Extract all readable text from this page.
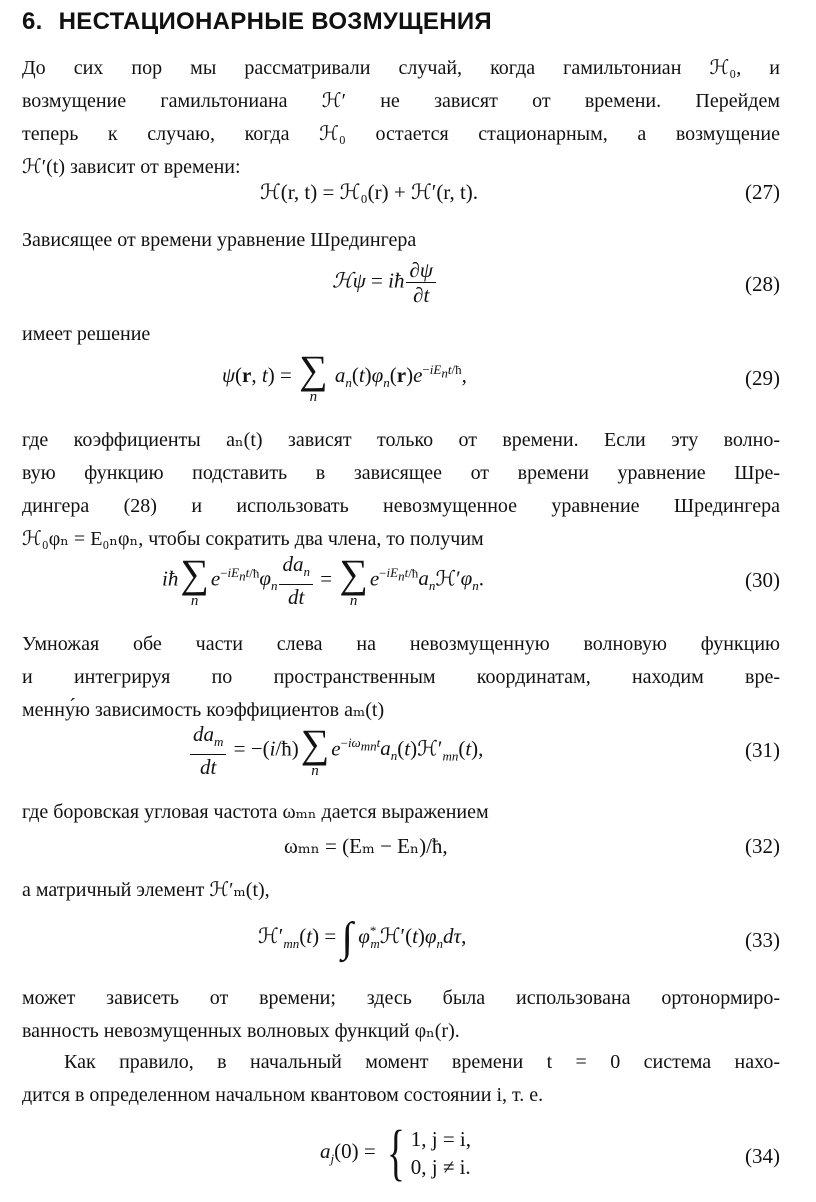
6. НЕСТАЦИОНАРНЫЕ ВОЗМУЩЕНИЯ
До сих пор мы рассматривали случай, когда гамильтониан ℋ₀, и
возмущение гамильтониана ℋ′ не зависят от времени. Перейдем
теперь к случаю, когда ℋ₀ остается стационарным, а возмущение
ℋ′(t) зависит от времени:
ℋ(r, t) = ℋ₀(r) + ℋ′(r, t).	(27)
Зависящее от времени уравнение Шредингера
ℋψ = iħ $\frac{\partial\psi}{\partial t}$	(28)
имеет решение
ψ(r, t) = ∑
n
$a_n(t)\varphi_n(r)e^{-iE_nt/ħ}$,	(29)
где коэффициенты aₙ(t) зависят только от времени. Если эту волно-
вую функцию подставить в зависящее от времени уравнение Шре-
дингера (28) и использовать невозмущенное уравнение Шредингера
ℋ₀φₙ = E₀ₙφₙ, чтобы сократить два члена, то получим
iħ ∑
n
$e^{-iE_nt/ħ}\varphi_n \frac{da_n}{dt}$ = ∑
n
$e^{-iE_nt/ħ}a_nℋ'\varphi_n$.	(30)
Умножая обе части слева на невозмущенную волновую функцию
и интегрируя по пространственным координатам, находим вре-
менну́ю зависимость коэффициентов aₘ(t)
$\frac{da_m}{dt}$ = −(i/ħ) ∑
n
$e^{-i\omega_{mn}t}a_n(t)ℋ'_{mn}(t)$,	(31)
где боровская угловая частота ωₘₙ дается выражением
ωₘₙ = (Eₘ − Eₙ)/ħ,	(32)
а матричный элемент ℋ′ₘ(t),
$ℋ'_{mn}(t)$ = ∫ $\varphi^*_mℋ'(t)\varphi_nd\tau$,	(33)
может зависеть от времени; здесь была использована ортонормиро-
ванность невозмущенных волновых функций φₙ(r).
Как правило, в начальный момент времени t = 0 система нахо-
дится в определенном начальном квантовом состоянии i, т. е.
$a_j(0)$ = { 1, j = i,
0, j ≠ i.	(34)
